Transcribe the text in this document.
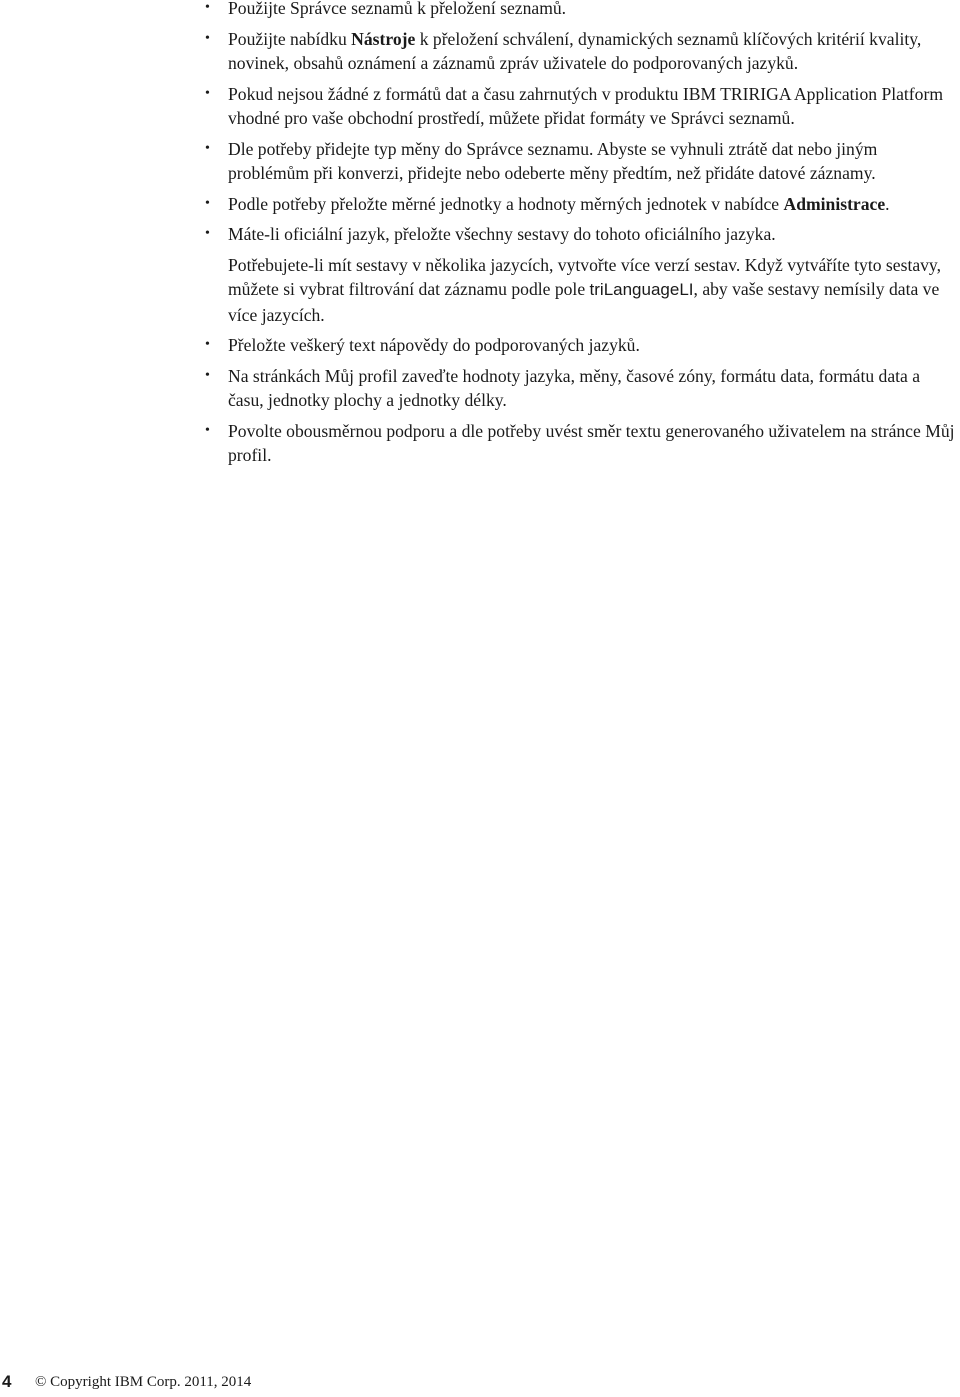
• Použijte Správce seznamů k přeložení seznamů.

• Použijte nabídku Nástroje k přeložení schválení, dynamických seznamů klíčových kritérií kvality, novinek, obsahů oznámení a záznamů zpráv uživatele do podporovaných jazyků.

• Pokud nejsou žádné z formátů dat a času zahrnutých v produktu IBM TRIRIGA Application Platform vhodné pro vaše obchodní prostředí, můžete přidat formáty ve Správci seznamů.

• Dle potřeby přidejte typ měny do Správce seznamu. Abyste se vyhnuli ztrátě dat nebo jiným problémům při konverzi, přidejte nebo odeberte měny předtím, než přidáte datové záznamy.

• Podle potřeby přeložte měrné jednotky a hodnoty měrných jednotek v nabídce Administrace.

• Máte-li oficiální jazyk, přeložte všechny sestavy do tohoto oficiálního jazyka.

Potřebujete-li mít sestavy v několika jazycích, vytvořte více verzí sestav. Když vytváříte tyto sestavy, můžete si vybrat filtrování dat záznamu podle pole triLanguageLI, aby vaše sestavy nemísily data ve více jazycích.

• Přeložte veškerý text nápovědy do podporovaných jazyků.

• Na stránkách Můj profil zaveďte hodnoty jazyka, měny, časové zóny, formátu data, formátu data a času, jednotky plochy a jednotky délky.

• Povolte obousměrnou podporu a dle potřeby uvést směr textu generovaného uživatelem na stránce Můj profil.

4 © Copyright IBM Corp. 2011, 2014
